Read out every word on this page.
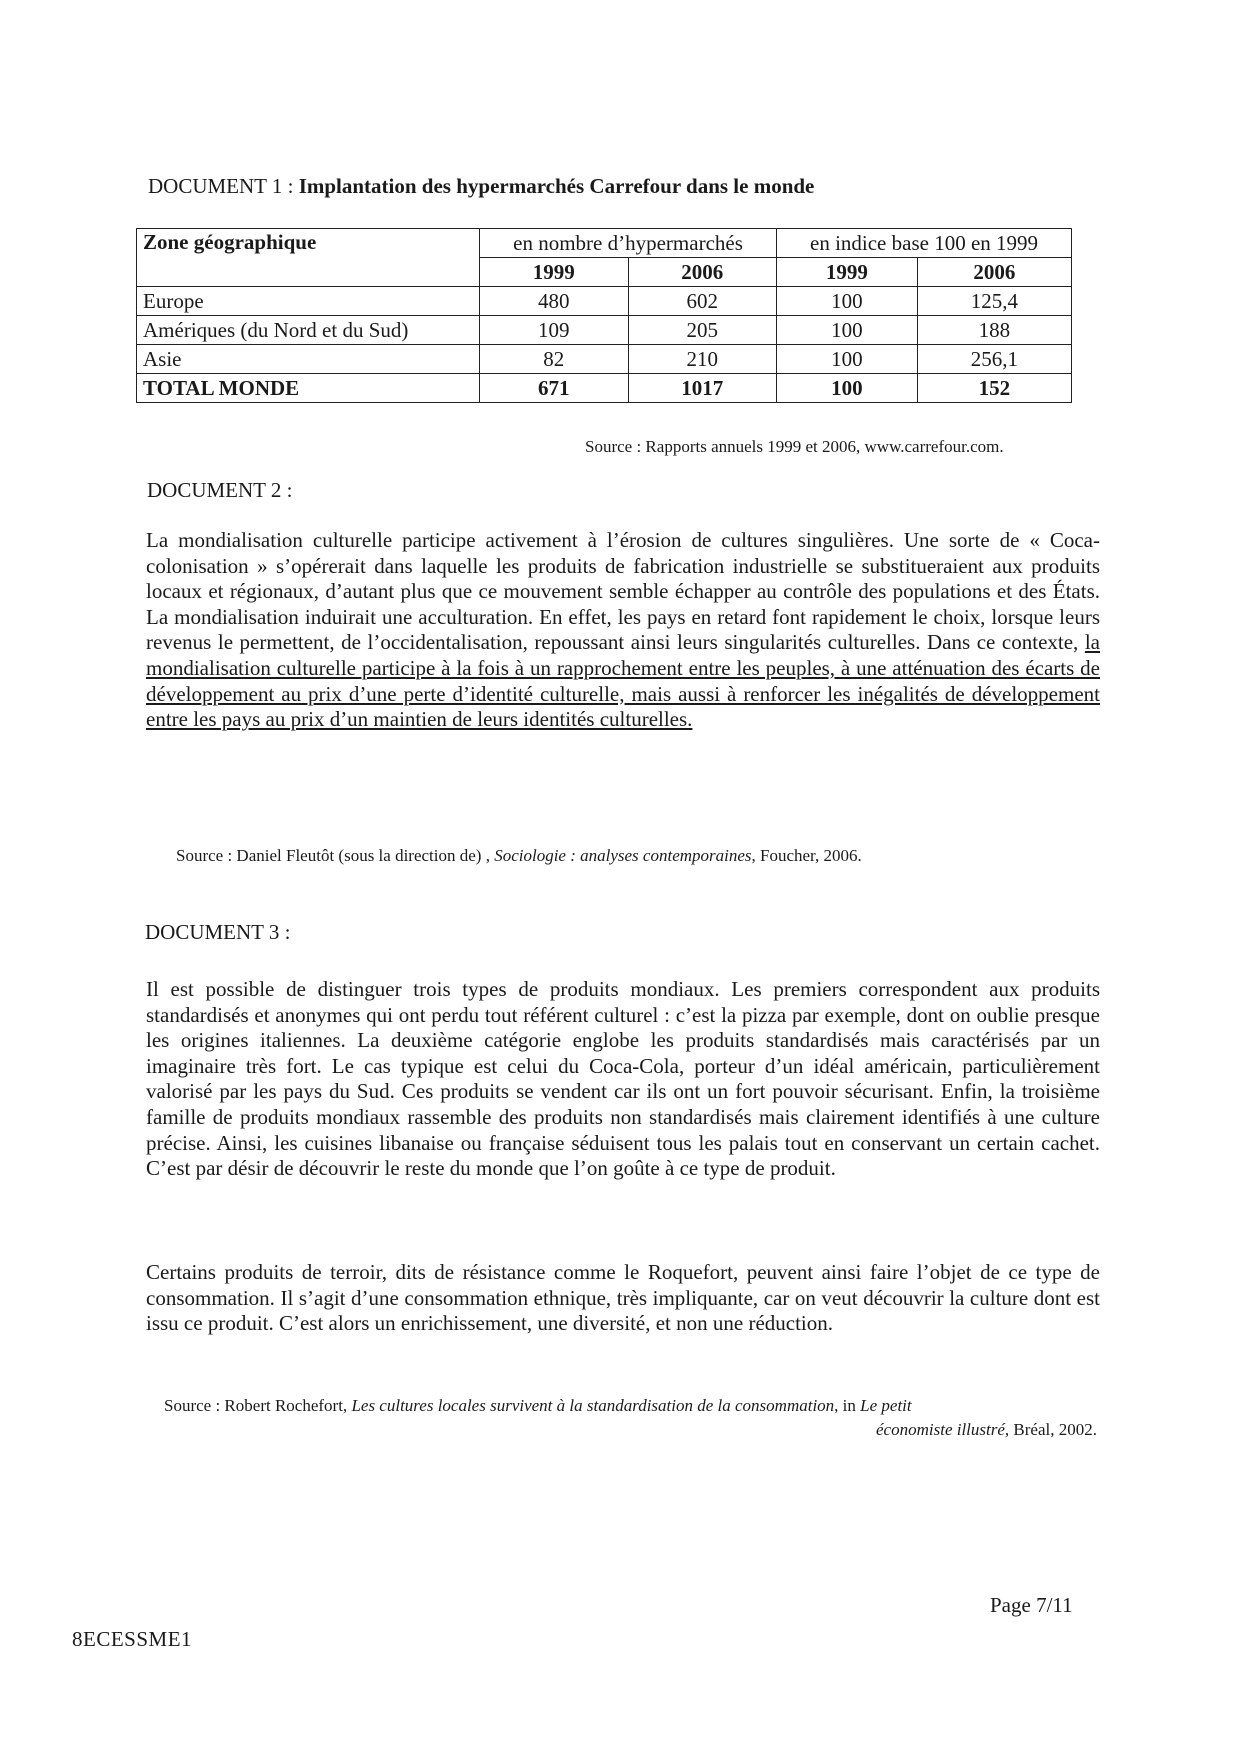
DOCUMENT 1 : Implantation des hypermarchés Carrefour dans le monde
Zone géographique	en nombre d’hypermarchés		en indice base 100 en 1999	
	1999	2006	1999	2006
Europe	480	602	100	125,4
Amériques (du Nord et du Sud)	109	205	100	188
Asie	82	210	100	256,1
TOTAL MONDE	671	1017	100	152
Source : Rapports annuels 1999 et 2006, www.carrefour.com.
DOCUMENT 2 :

La mondialisation culturelle participe activement à l’érosion de cultures singulières. Une sorte de « Coca-colonisation » s’opérerait dans laquelle les produits de fabrication industrielle se substitueraient aux produits locaux et régionaux, d’autant plus que ce mouvement semble échapper au contrôle des populations et des États. La mondialisation induirait une acculturation. En effet, les pays en retard font rapidement le choix, lorsque leurs revenus le permettent, de l’occidentalisation, repoussant ainsi leurs singularités culturelles. Dans ce contexte, la mondialisation culturelle participe à la fois à un rapprochement entre les peuples, à une atténuation des écarts de développement au prix d’une perte d’identité culturelle, mais aussi à renforcer les inégalités de développement entre les pays au prix d’un maintien de leurs identités culturelles.

Source : Daniel Fleutôt (sous la direction de) , Sociologie : analyses contemporaines, Foucher, 2006.
DOCUMENT 3 :

Il est possible de distinguer trois types de produits mondiaux. Les premiers correspondent aux produits standardisés et anonymes qui ont perdu tout référent culturel : c’est la pizza par exemple, dont on oublie presque les origines italiennes. La deuxième catégorie englobe les produits standardisés mais caractérisés par un imaginaire très fort. Le cas typique est celui du Coca-Cola, porteur d’un idéal américain, particulièrement valorisé par les pays du Sud. Ces produits se vendent car ils ont un fort pouvoir sécurisant. Enfin, la troisième famille de produits mondiaux rassemble des produits non standardisés mais clairement identifiés à une culture précise. Ainsi, les cuisines libanaise ou française séduisent tous les palais tout en conservant un certain cachet. C’est par désir de découvrir le reste du monde que l’on goûte à ce type de produit.

Certains produits de terroir, dits de résistance comme le Roquefort, peuvent ainsi faire l’objet de ce type de consommation. Il s’agit d’une consommation ethnique, très impliquante, car on veut découvrir la culture dont est issu ce produit. C’est alors un enrichissement, une diversité, et non une réduction.

Source : Robert Rochefort, Les cultures locales survivent à la standardisation de la consommation, in Le petit
économiste illustré, Bréal, 2002.
Page 7/11
8ECESSME1
